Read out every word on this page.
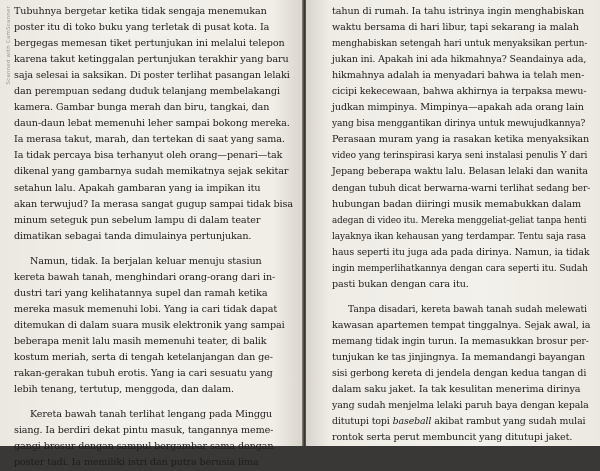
Scanned with CamScanner Tubuhnya bergetar ketika tidak sengaja menemukan
poster itu di toko buku yang terletak di pusat kota. Ia
bergegas memesan tiket pertunjukan ini melalui telepon
karena takut ketinggalan pertunjukan terakhir yang baru
saja selesai ia saksikan. Di poster terlihat pasangan lelaki
dan perempuan sedang duduk telanjang membelakangi
kamera. Gambar bunga merah dan biru, tangkai, dan
daun-daun lebat memenuhi leher sampai bokong mereka.
Ia merasa takut, marah, dan tertekan di saat yang sama.
Ia tidak percaya bisa terhanyut oleh orang—penari—tak
dikenal yang gambarnya sudah memikatnya sejak sekitar
setahun lalu. Apakah gambaran yang ia impikan itu
akan terwujud? Ia merasa sangat gugup sampai tidak bisa
minum seteguk pun sebelum lampu di dalam teater
dimatikan sebagai tanda dimulainya pertunjukan.
Namun, tidak. Ia berjalan keluar menuju stasiun
kereta bawah tanah, menghindari orang-orang dari in-
dustri tari yang kelihatannya supel dan ramah ketika
mereka masuk memenuhi lobi. Yang ia cari tidak dapat
ditemukan di dalam suara musik elektronik yang sampai
beberapa menit lalu masih memenuhi teater, di balik
kostum meriah, serta di tengah ketelanjangan dan ge-
rakan-gerakan tubuh erotis. Yang ia cari sesuatu yang
lebih tenang, tertutup, menggoda, dan dalam.
Kereta bawah tanah terlihat lengang pada Minggu
siang. Ia berdiri dekat pintu masuk, tangannya meme-
gangi brosur dengan sampul bergambar sama dengan
poster tadi. Ia memiliki istri dan putra berusia lima
tahun di rumah. Ia tahu istrinya ingin menghabiskan
waktu bersama di hari libur, tapi sekarang ia malah
menghabiskan setengah hari untuk menyaksikan pertun-
jukan ini. Apakah ini ada hikmahnya? Seandainya ada,
hikmahnya adalah ia menyadari bahwa ia telah men-
cicipi kekecewaan, bahwa akhirnya ia terpaksa mewu-
judkan mimpinya. Mimpinya—apakah ada orang lain
yang bisa menggantikan dirinya untuk mewujudkannya?
Perasaan muram yang ia rasakan ketika menyaksikan
video yang terinspirasi karya seni instalasi penulis Y dari
Jepang beberapa waktu lalu. Belasan lelaki dan wanita
dengan tubuh dicat berwarna-warni terlihat sedang ber-
hubungan badan diiringi musik memabukkan dalam
adegan di video itu. Mereka menggeliat-geliat tanpa henti
layaknya ikan kehausan yang terdampar. Tentu saja rasa
haus seperti itu juga ada pada dirinya. Namun, ia tidak
ingin memperlihatkannya dengan cara seperti itu. Sudah
pasti bukan dengan cara itu.
Tanpa disadari, kereta bawah tanah sudah melewati
kawasan apartemen tempat tinggalnya. Sejak awal, ia
memang tidak ingin turun. Ia memasukkan brosur per-
tunjukan ke tas jinjingnya. Ia memandangi bayangan
sisi gerbong kereta di jendela dengan kedua tangan di
dalam saku jaket. Ia tak kesulitan menerima dirinya
yang sudah menjelma lelaki paruh baya dengan kepala
ditutupi topi baseball akibat rambut yang sudah mulai
rontok serta perut membuncit yang ditutupi jaket.
